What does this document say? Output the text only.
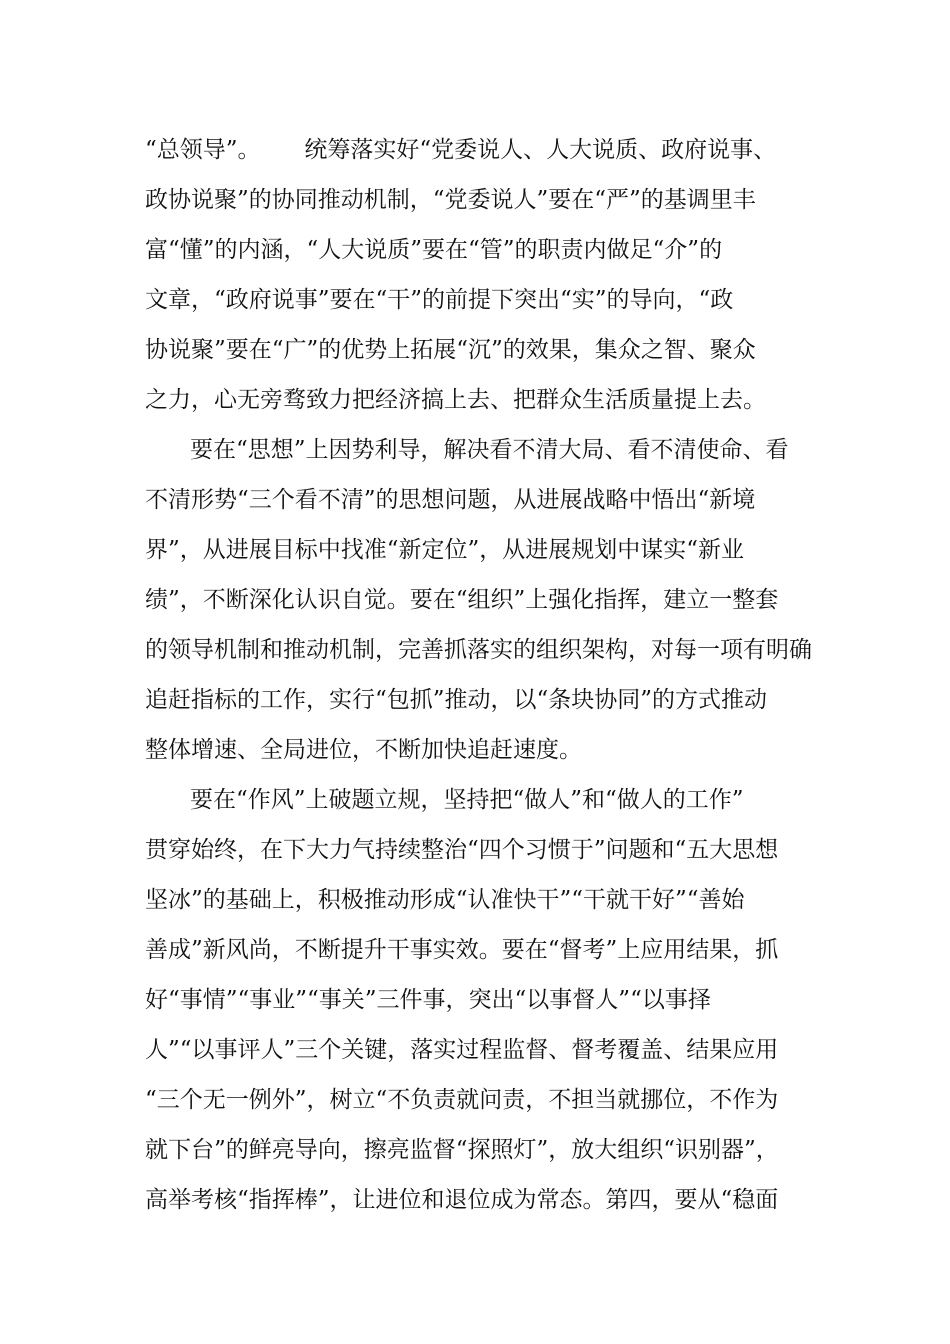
“总领导”。      统筹落实好“党委说人、人大说质、政府说事、
政协说聚”的协同推动机制，“党委说人”要在“严”的基调里丰
富“懂”的内涵，“人大说质”要在“管”的职责内做足“介”的
文章，“政府说事”要在“干”的前提下突出“实”的导向，“政
协说聚”要在“广”的优势上拓展“沉”的效果，集众之智、聚众
之力，心无旁骛致力把经济搞上去、把群众生活质量提上去。
要在“思想”上因势利导，解决看不清大局、看不清使命、看
不清形势“三个看不清”的思想问题，从进展战略中悟出“新境
界”，从进展目标中找准“新定位”，从进展规划中谋实“新业
绩”，不断深化认识自觉。要在“组织”上强化指挥，建立一整套
的领导机制和推动机制，完善抓落实的组织架构，对每一项有明确
追赶指标的工作，实行“包抓”推动，以“条块协同”的方式推动
整体增速、全局进位，不断加快追赶速度。
要在“作风”上破题立规，坚持把“做人”和“做人的工作”
贯穿始终，在下大力气持续整治“四个习惯于”问题和“五大思想
坚冰”的基础上，积极推动形成“认准快干”“干就干好”“善始
善成”新风尚，不断提升干事实效。要在“督考”上应用结果，抓
好“事情”“事业”“事关”三件事，突出“以事督人”“以事择
人”“以事评人”三个关键，落实过程监督、督考覆盖、结果应用
“三个无一例外”，树立“不负责就问责，不担当就挪位，不作为
就下台”的鲜亮导向，擦亮监督“探照灯”，放大组织“识别器”，
高举考核“指挥棒”，让进位和退位成为常态。第四，要从“稳面
